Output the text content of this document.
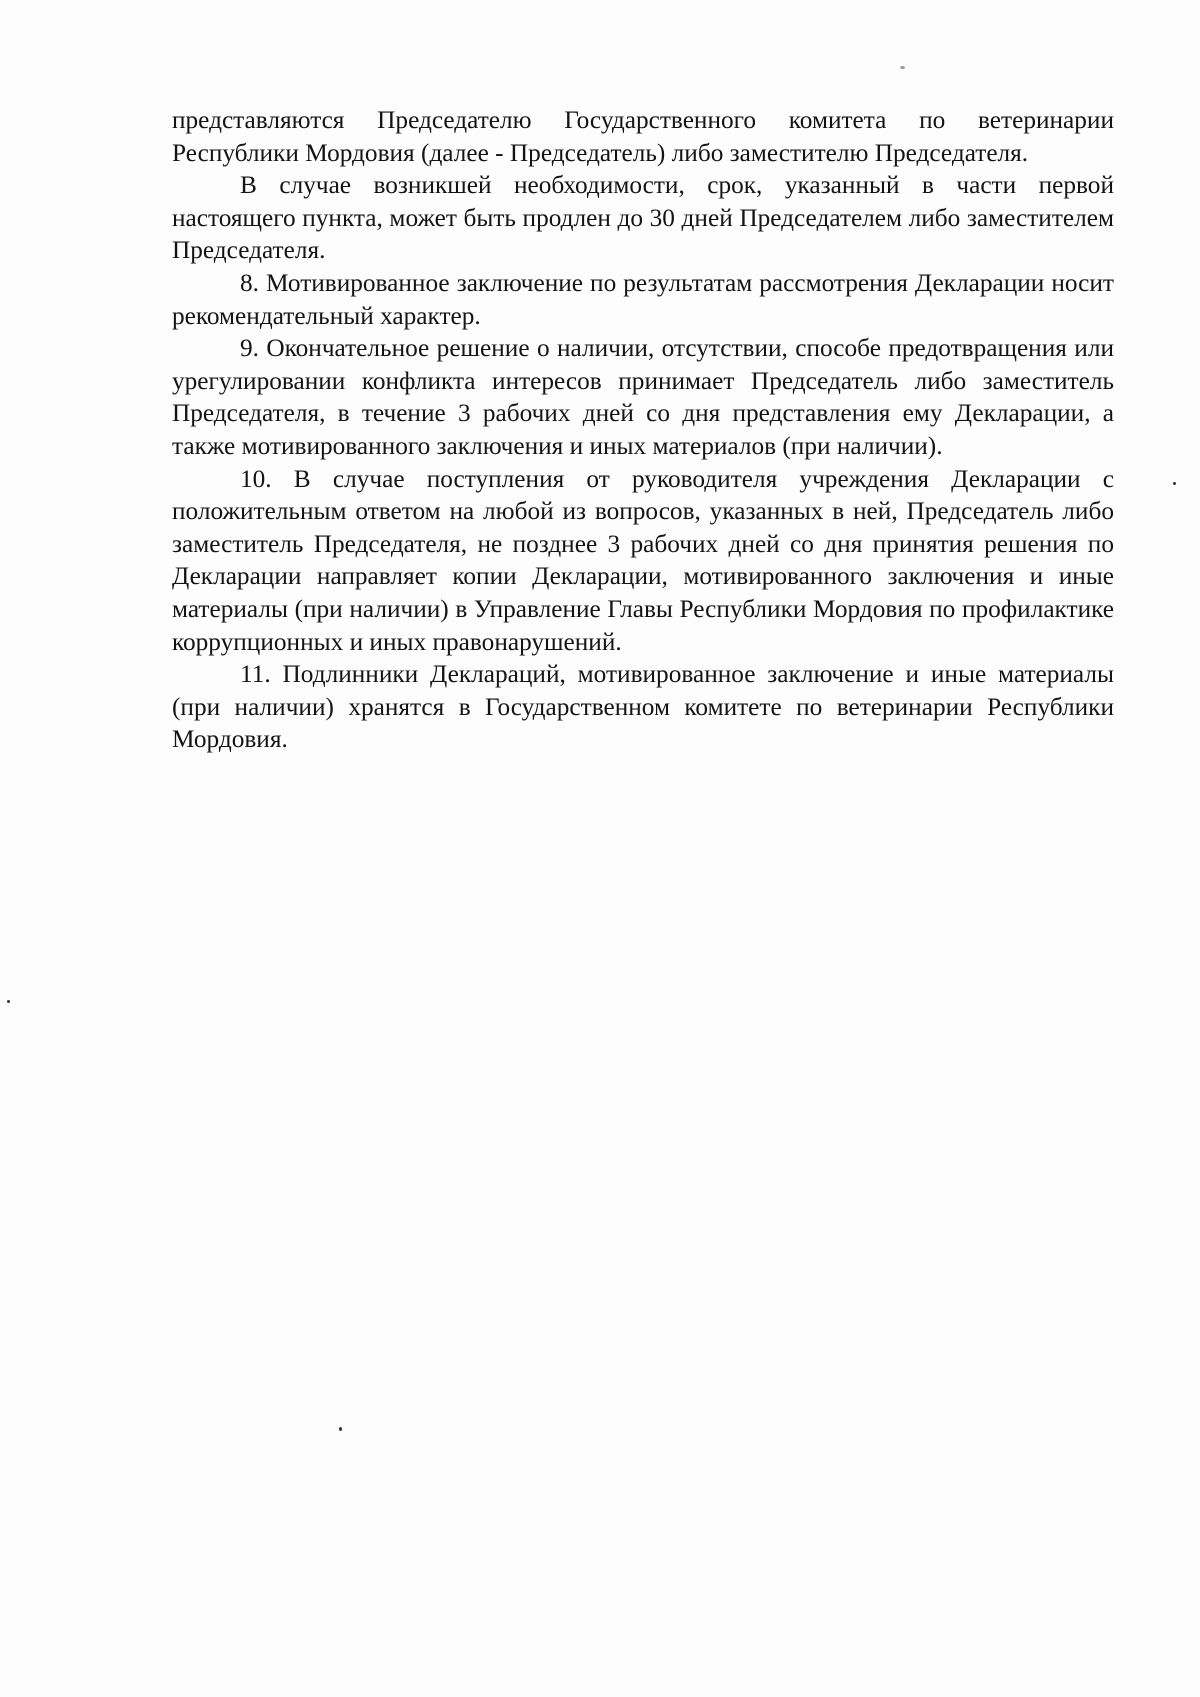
представляются Председателю Государственного комитета по ветеринарии Республики Мордовия (далее - Председатель) либо заместителю Председателя.

В случае возникшей необходимости, срок, указанный в части первой настоящего пункта, может быть продлен до 30 дней Председателем либо заместителем Председателя.

8. Мотивированное заключение по результатам рассмотрения Декларации носит рекомендательный характер.

9. Окончательное решение о наличии, отсутствии, способе предотвращения или урегулировании конфликта интересов принимает Председатель либо заместитель Председателя, в течение 3 рабочих дней со дня представления ему Декларации, а также мотивированного заключения и иных материалов (при наличии).

10. В случае поступления от руководителя учреждения Декларации с положительным ответом на любой из вопросов, указанных в ней, Председатель либо заместитель Председателя, не позднее 3 рабочих дней со дня принятия решения по Декларации направляет копии Декларации, мотивированного заключения и иные материалы (при наличии) в Управление Главы Республики Мордовия по профилактике коррупционных и иных правонарушений.

11. Подлинники Деклараций, мотивированное заключение и иные материалы (при наличии) хранятся в Государственном комитете по ветеринарии Республики Мордовия.
